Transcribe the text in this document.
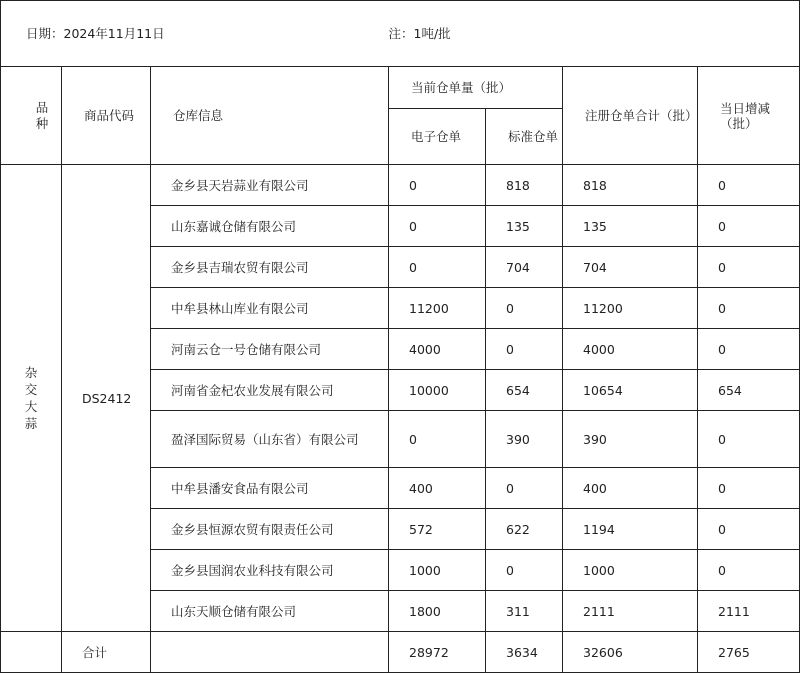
日期：2024年11月11日			注：1吨/批			
品种	商品代码	仓库信息	当前仓单量（批）		注册仓单合计（批）	当日增减（批）
			电子仓单	标准仓单		
杂交大蒜	DS2412	金乡县天岩蒜业有限公司	0	818	818	0
		山东嘉诚仓储有限公司	0	135	135	0
		金乡县吉瑞农贸有限公司	0	704	704	0
		中牟县林山库业有限公司	11200	0	11200	0
		河南云仓一号仓储有限公司	4000	0	4000	0
		河南省金杞农业发展有限公司	10000	654	10654	654
		盈泽国际贸易（山东省）有限公司	0	390	390	0
		中牟县潘安食品有限公司	400	0	400	0
		金乡县恒源农贸有限责任公司	572	622	1194	0
		金乡县国润农业科技有限公司	1000	0	1000	0
		山东天顺仓储有限公司	1800	311	2111	2111
	合计		28972	3634	32606	2765
